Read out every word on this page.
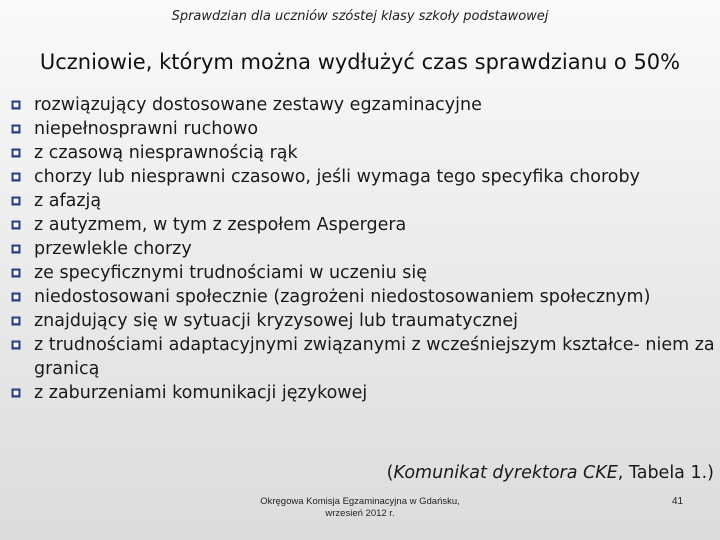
Sprawdzian dla uczniów szóstej klasy szkoły podstawowej
Uczniowie, którym można wydłużyć czas sprawdzianu o 50%
rozwiązujący dostosowane zestawy egzaminacyjne
niepełnosprawni ruchowo
z czasową niesprawnością rąk
chorzy lub niesprawni czasowo, jeśli wymaga tego specyfika choroby
z afazją
z autyzmem, w tym z zespołem Aspergera
przewlekle chorzy
ze specyficznymi trudnościami w uczeniu się
niedostosowani społecznie (zagrożeni niedostosowaniem społecznym)
znajdujący się w sytuacji kryzysowej lub traumatycznej
z trudnościami adaptacyjnymi związanymi z wcześniejszym kształce- niem za granicą
z zaburzeniami komunikacji językowej
(Komunikat dyrektora CKE, Tabela 1.)
Okręgowa Komisja Egzaminacyjna w Gdańsku,
wrzesień 2012 r.
41
